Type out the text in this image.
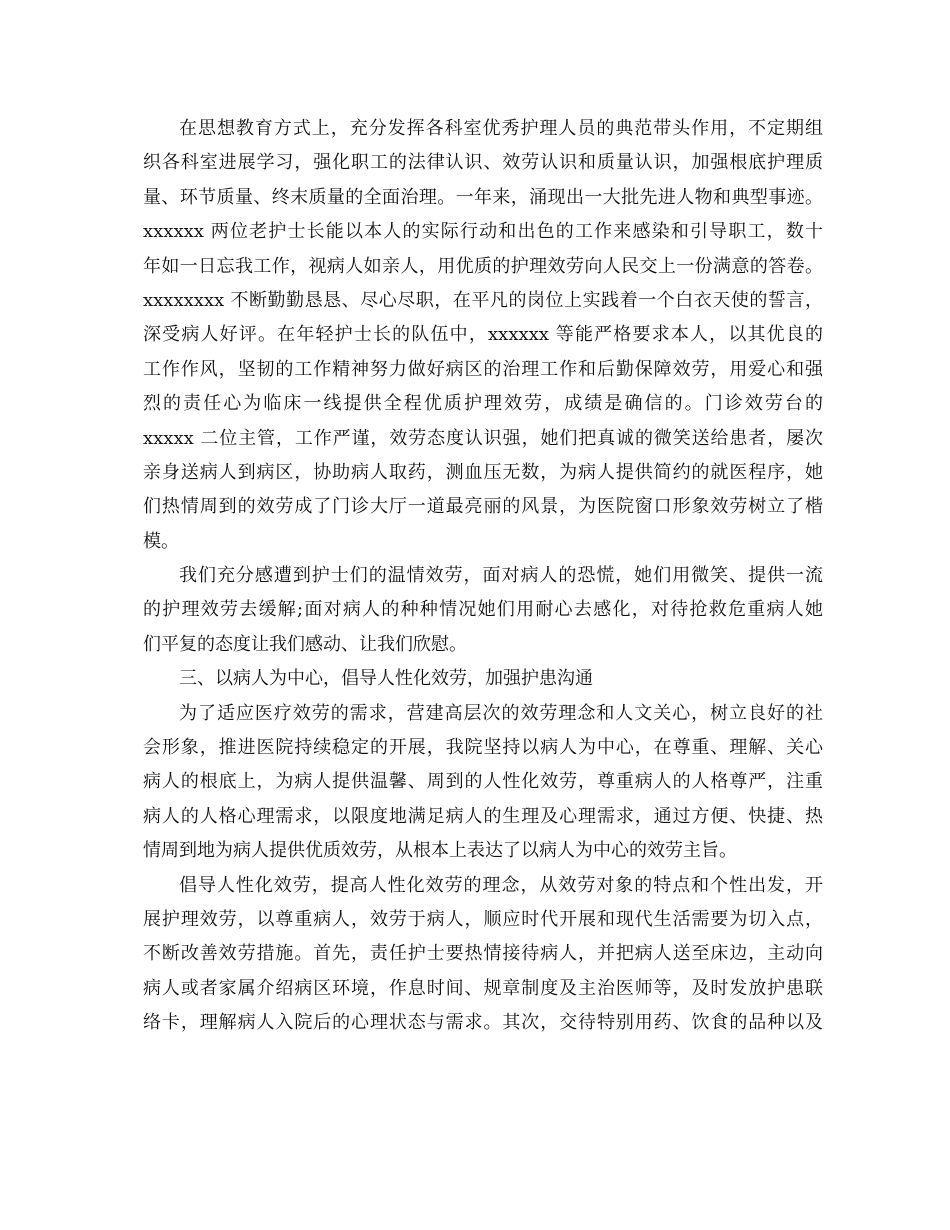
在思想教育方式上，充分发挥各科室优秀护理人员的典范带头作用，不定期组
织各科室进展学习，强化职工的法律认识、效劳认识和质量认识，加强根底护理质
量、环节质量、终末质量的全面治理。一年来，涌现出一大批先进人物和典型事迹。
xxxxxx 两位老护士长能以本人的实际行动和出色的工作来感染和引导职工，数十
年如一日忘我工作，视病人如亲人，用优质的护理效劳向人民交上一份满意的答卷。
xxxxxxxx 不断勤勤恳恳、尽心尽职，在平凡的岗位上实践着一个白衣天使的誓言，
深受病人好评。在年轻护士长的队伍中，xxxxxx 等能严格要求本人，以其优良的
工作作风，坚韧的工作精神努力做好病区的治理工作和后勤保障效劳，用爱心和强
烈的责任心为临床一线提供全程优质护理效劳，成绩是确信的。门诊效劳台的
xxxxx 二位主管，工作严谨，效劳态度认识强，她们把真诚的微笑送给患者，屡次
亲身送病人到病区，协助病人取药，测血压无数，为病人提供简约的就医程序，她
们热情周到的效劳成了门诊大厅一道最亮丽的风景，为医院窗口形象效劳树立了楷
模。
我们充分感遭到护士们的温情效劳，面对病人的恐慌，她们用微笑、提供一流
的护理效劳去缓解;面对病人的种种情况她们用耐心去感化，对待抢救危重病人她
们平复的态度让我们感动、让我们欣慰。
三、以病人为中心，倡导人性化效劳，加强护患沟通
为了适应医疗效劳的需求，营建高层次的效劳理念和人文关心，树立良好的社
会形象，推进医院持续稳定的开展，我院坚持以病人为中心，在尊重、理解、关心
病人的根底上，为病人提供温馨、周到的人性化效劳，尊重病人的人格尊严，注重
病人的人格心理需求，以限度地满足病人的生理及心理需求，通过方便、快捷、热
情周到地为病人提供优质效劳，从根本上表达了以病人为中心的效劳主旨。
倡导人性化效劳，提高人性化效劳的理念，从效劳对象的特点和个性出发，开
展护理效劳，以尊重病人，效劳于病人，顺应时代开展和现代生活需要为切入点，
不断改善效劳措施。首先，责任护士要热情接待病人，并把病人送至床边，主动向
病人或者家属介绍病区环境，作息时间、规章制度及主治医师等，及时发放护患联
络卡，理解病人入院后的心理状态与需求。其次，交待特别用药、饮食的品种以及
